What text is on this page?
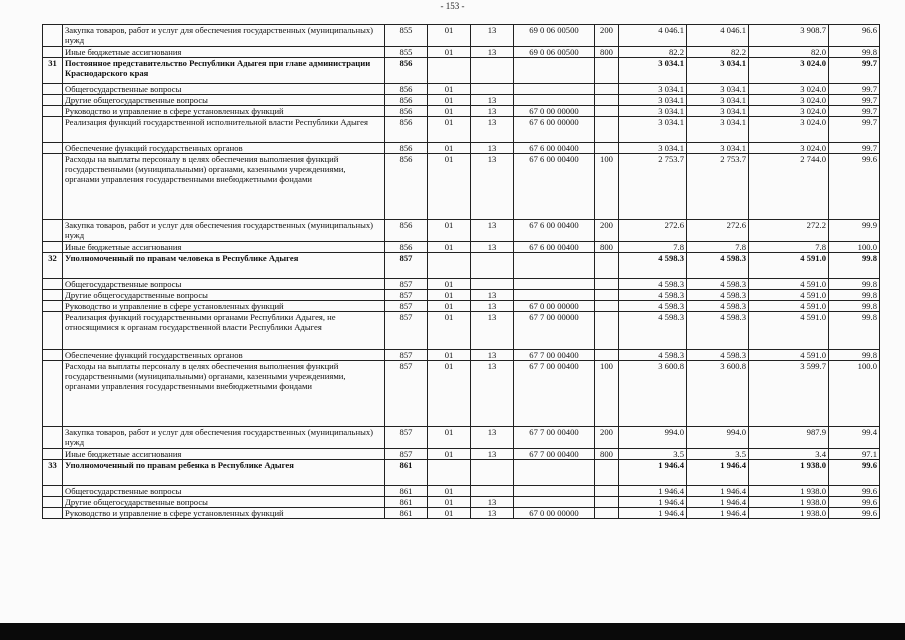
- 153 -
	Закупка товаров, работ и услуг для обеспечения государственных (муниципальных) нужд	855	01	13	69 0 06 00500	200	4 046.1	4 046.1	3 908.7	96.6
	Иные бюджетные ассигнования	855	01	13	69 0 06 00500	800	82.2	82.2	82.0	99.8
31	Постоянное представительство Республики Адыгея при главе администрации Краснодарского края	856					3 034.1	3 034.1	3 024.0	99.7
	Общегосударственные вопросы	856	01				3 034.1	3 034.1	3 024.0	99.7
	Другие общегосударственные вопросы	856	01	13			3 034.1	3 034.1	3 024.0	99.7
	Руководство и управление в сфере установленных функций	856	01	13	67 0 00 00000		3 034.1	3 034.1	3 024.0	99.7
	Реализация функций государственной исполнительной власти Республики Адыгея	856	01	13	67 6 00 00000		3 034.1	3 034.1	3 024.0	99.7
	Обеспечение функций государственных органов	856	01	13	67 6 00 00400		3 034.1	3 034.1	3 024.0	99.7
	Расходы на выплаты персоналу в целях обеспечения выполнения функций государственными (муниципальными) органами, казенными учреждениями, органами управления государственными внебюджетными фондами	856	01	13	67 6 00 00400	100	2 753.7	2 753.7	2 744.0	99.6
	Закупка товаров, работ и услуг для обеспечения государственных (муниципальных) нужд	856	01	13	67 6 00 00400	200	272.6	272.6	272.2	99.9
	Иные бюджетные ассигнования	856	01	13	67 6 00 00400	800	7.8	7.8	7.8	100.0
32	Уполномоченный по правам человека в Республике Адыгея	857					4 598.3	4 598.3	4 591.0	99.8
	Общегосударственные вопросы	857	01				4 598.3	4 598.3	4 591.0	99.8
	Другие общегосударственные вопросы	857	01	13			4 598.3	4 598.3	4 591.0	99.8
	Руководство и управление в сфере установленных функций	857	01	13	67 0 00 00000		4 598.3	4 598.3	4 591.0	99.8
	Реализация функций государственными органами Республики Адыгея, не относящимися к органам государственной власти Республики Адыгея	857	01	13	67 7 00 00000		4 598.3	4 598.3	4 591.0	99.8
	Обеспечение функций государственных органов	857	01	13	67 7 00 00400		4 598.3	4 598.3	4 591.0	99.8
	Расходы на выплаты персоналу в целях обеспечения выполнения функций государственными (муниципальными) органами, казенными учреждениями, органами управления государственными внебюджетными фондами	857	01	13	67 7 00 00400	100	3 600.8	3 600.8	3 599.7	100.0
	Закупка товаров, работ и услуг для обеспечения государственных (муниципальных) нужд	857	01	13	67 7 00 00400	200	994.0	994.0	987.9	99.4
	Иные бюджетные ассигнования	857	01	13	67 7 00 00400	800	3.5	3.5	3.4	97.1
33	Уполномоченный по правам ребенка в Республике Адыгея	861					1 946.4	1 946.4	1 938.0	99.6
	Общегосударственные вопросы	861	01				1 946.4	1 946.4	1 938.0	99.6
	Другие общегосударственные вопросы	861	01	13			1 946.4	1 946.4	1 938.0	99.6
	Руководство и управление в сфере установленных функций	861	01	13	67 0 00 00000		1 946.4	1 946.4	1 938.0	99.6
